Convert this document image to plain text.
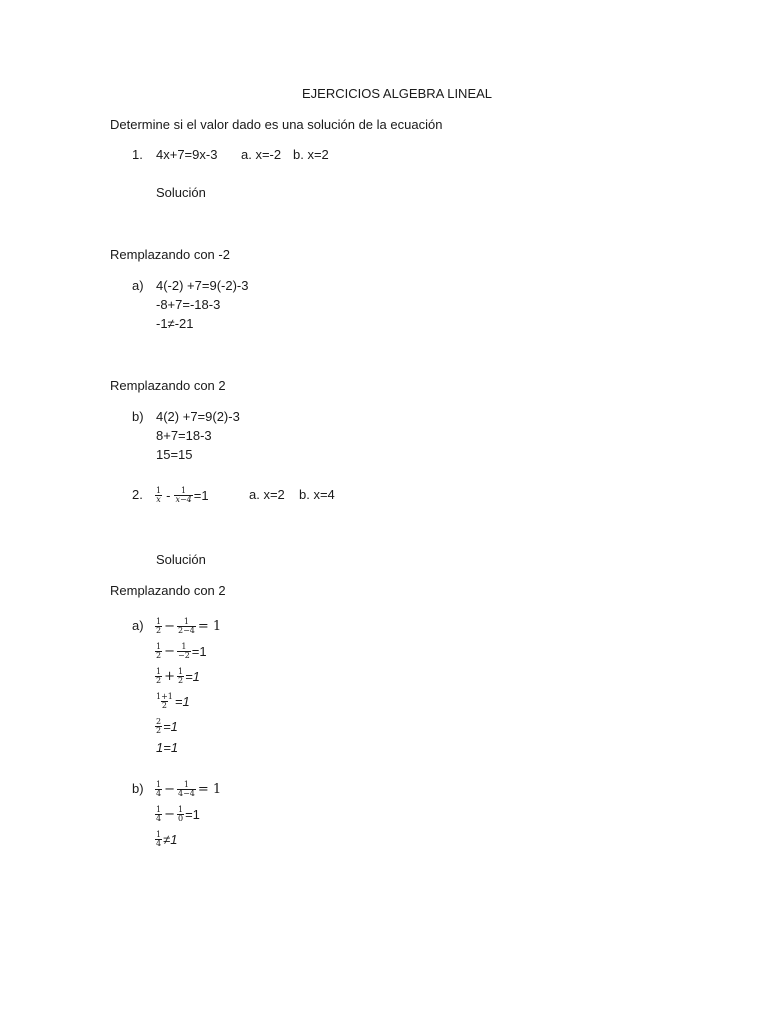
EJERCICIOS ALGEBRA LINEAL
Determine si el valor dado es una solución de la ecuación
1. 4x+7=9x-3 a. x=-2 b. x=2
Solución
Remplazando con -2
a) 4(-2) +7=9(-2)-3
-8+7=-18-3
-1≠-21
Remplazando con 2
b) 4(2) +7=9(2)-3
8+7=18-3
15=15
2. $\frac{1}{x} - \frac{1}{x-4} =1$	a. x=2 b. x=4
Solución
Remplazando con 2
$a) \frac{1}{2} - \frac{1}{2-4} = 1$
$\frac{1}{2} - \frac{1}{-2} =1$
$\frac{1}{2} + \frac{1}{2} =1$
$\frac{1+1}{2} =1$
$\frac{2}{2} =1$
1=1
$b) \frac{1}{4} - \frac{1}{4-4} = 1$
$\frac{1}{4} - \frac{1}{0} =1$
$\frac{1}{4} \ne 1$
